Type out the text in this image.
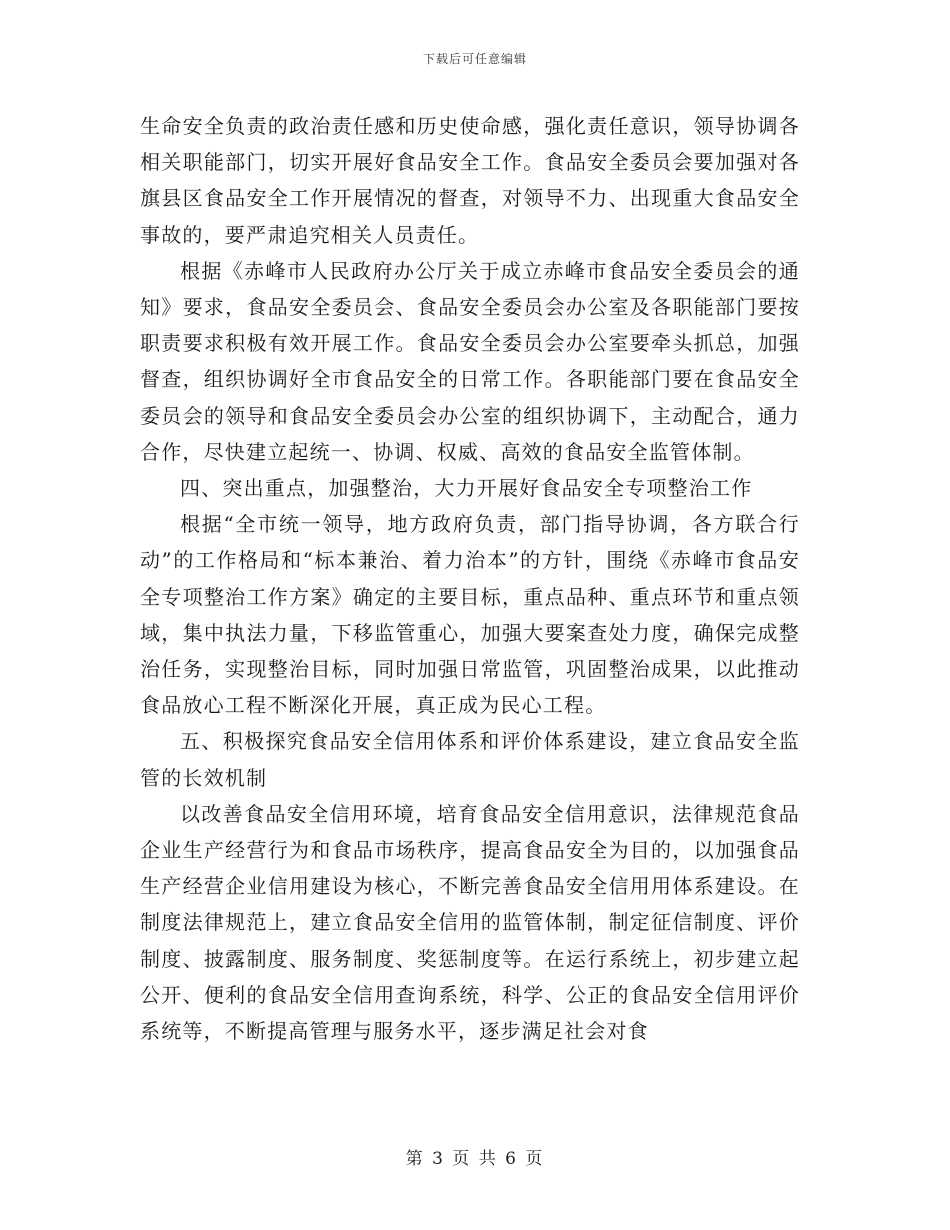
下载后可任意编辑

生命安全负责的政治责任感和历史使命感，强化责任意识，领导协调各相关职能部门，切实开展好食品安全工作。食品安全委员会要加强对各旗县区食品安全工作开展情况的督查，对领导不力、出现重大食品安全事故的，要严肃追究相关人员责任。

根据《赤峰市人民政府办公厅关于成立赤峰市食品安全委员会的通知》要求，食品安全委员会、食品安全委员会办公室及各职能部门要按职责要求积极有效开展工作。食品安全委员会办公室要牵头抓总，加强督查，组织协调好全市食品安全的日常工作。各职能部门要在食品安全委员会的领导和食品安全委员会办公室的组织协调下，主动配合，通力合作，尽快建立起统一、协调、权威、高效的食品安全监管体制。

四、突出重点，加强整治，大力开展好食品安全专项整治工作

根据“全市统一领导，地方政府负责，部门指导协调，各方联合行动”的工作格局和“标本兼治、着力治本”的方针，围绕《赤峰市食品安全专项整治工作方案》确定的主要目标，重点品种、重点环节和重点领域，集中执法力量，下移监管重心，加强大要案查处力度，确保完成整治任务，实现整治目标，同时加强日常监管，巩固整治成果，以此推动食品放心工程不断深化开展，真正成为民心工程。

五、积极探究食品安全信用体系和评价体系建设，建立食品安全监管的长效机制

以改善食品安全信用环境，培育食品安全信用意识，法律规范食品企业生产经营行为和食品市场秩序，提高食品安全为目的，以加强食品生产经营企业信用建设为核心，不断完善食品安全信用用体系建设。在制度法律规范上，建立食品安全信用的监管体制，制定征信制度、评价制度、披露制度、服务制度、奖惩制度等。在运行系统上，初步建立起公开、便利的食品安全信用查询系统，科学、公正的食品安全信用评价系统等，不断提高管理与服务水平，逐步满足社会对食

第 3 页 共 6 页
